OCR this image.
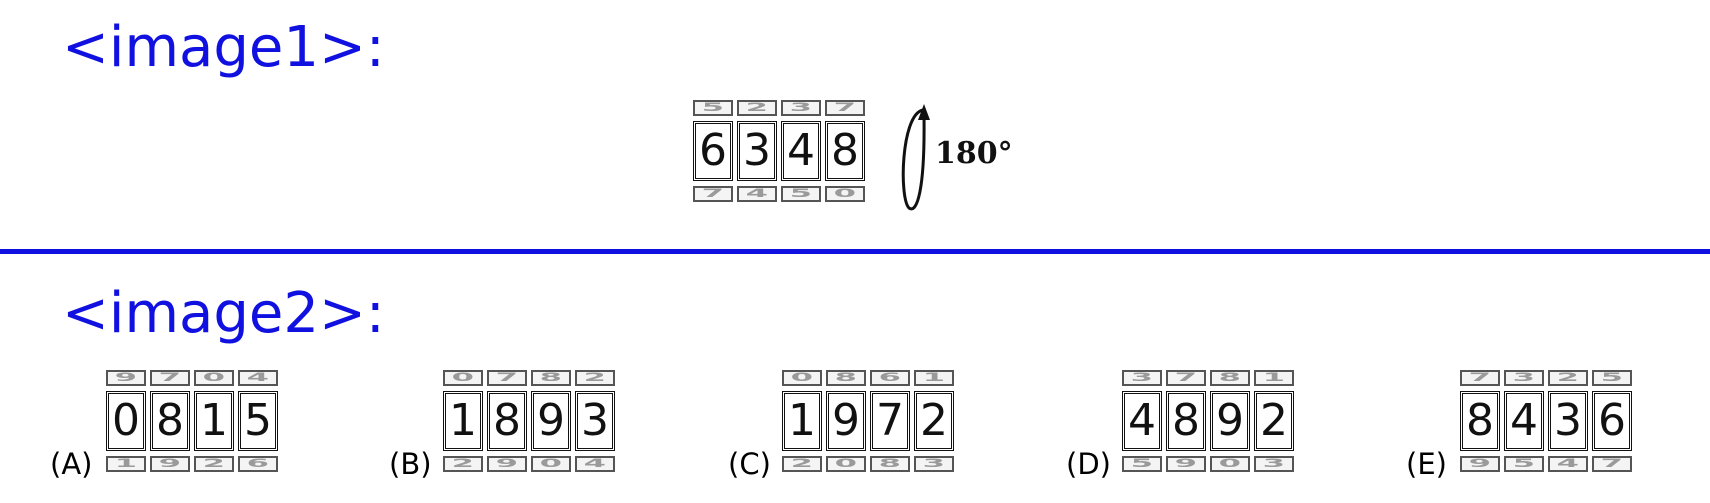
<image1>:
<image2>:
5 2 3 7
6 3 4 8
7 4 5 0
180°
(A)
9 7 0 4
0 8 1 5
1 9 2 6	(B)
0 7 8 2
1 8 9 3
2 9 0 4	(C)
0 8 6 1
1 9 7 2
2 0 8 3	(D)
3 7 8 1
4 8 9 2
5 9 0 3	(E)
7 3 2 5
8 4 3 6
9 5 4 7
